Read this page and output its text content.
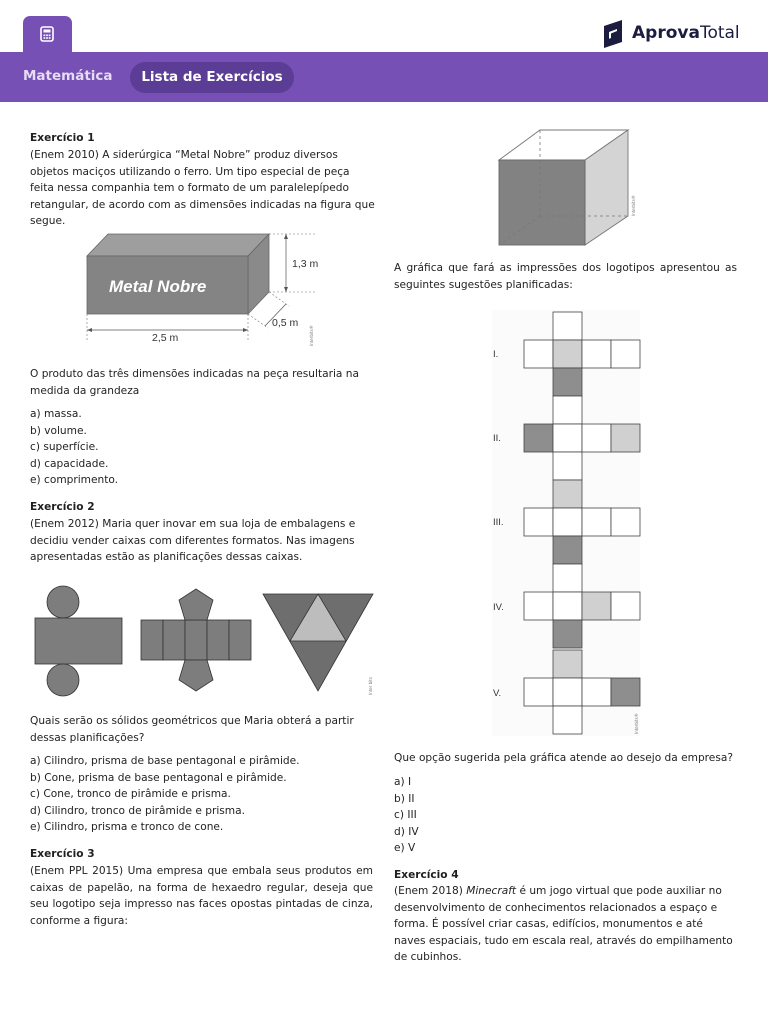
Matemática	Lista de Exercícios
AprovaTotal
Exercício 1
(Enem 2010) A siderúrgica “Metal Nobre” produz diversos objetos maciços utilizando o ferro. Um tipo especial de peça feita nessa companhia tem o formato de um paralelepípedo retangular, de acordo com as dimensões indicadas na figura que segue.
Metal Nobre
1,3 m
0,5 m
2,5 m	Interbits®
O produto das três dimensões indicadas na peça resultaria na medida da grandeza
a) massa.
b) volume.
c) superfície.
d) capacidade.
e) comprimento.
Exercício 2
(Enem 2012) Maria quer inovar em sua loja de embalagens e decidiu vender caixas com diferentes formatos. Nas imagens apresentadas estão as planificações dessas caixas.
Inter bits
Quais serão os sólidos geométricos que Maria obterá a partir dessas planificações?
a) Cilindro, prisma de base pentagonal e pirâmide.
b) Cone, prisma de base pentagonal e pirâmide.
c) Cone, tronco de pirâmide e prisma.
d) Cilindro, tronco de pirâmide e prisma.
e) Cilindro, prisma e tronco de cone.
Exercício 3
(Enem PPL 2015) Uma empresa que embala seus produtos em caixas de papelão, na forma de hexaedro regular, deseja que seu logotipo seja impresso nas faces opostas pintadas de cinza, conforme a figura:
Interbits®
A gráfica que fará as impressões dos logotipos apresentou as seguintes sugestões planificadas:
I.
II.
III.
IV.
V.
Interbits®
Que opção sugerida pela gráfica atende ao desejo da empresa?
a) I
b) II
c) III
d) IV
e) V
Exercício 4
(Enem 2018) Minecraft é um jogo virtual que pode auxiliar no desenvolvimento de conhecimentos relacionados a espaço e forma. É possível criar casas, edifícios, monumentos e até naves espaciais, tudo em escala real, através do empilhamento de cubinhos.
